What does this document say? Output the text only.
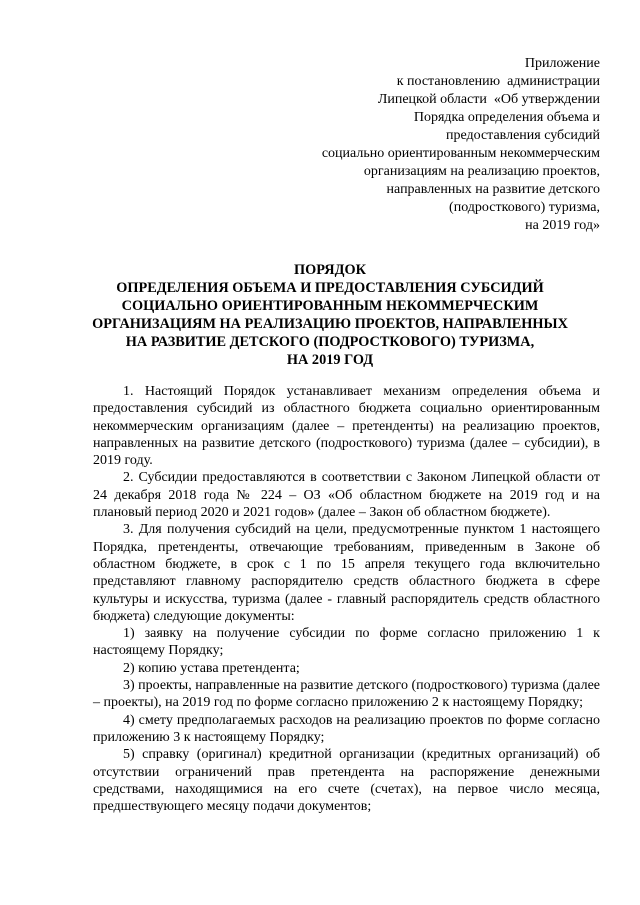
Приложение
к постановлению  администрации
Липецкой области  «Об утверждении
Порядка определения объема и
предоставления субсидий
социально ориентированным некоммерческим
организациям на реализацию проектов,
направленных на развитие детского
(подросткового) туризма,
на 2019 год»
ПОРЯДОК
ОПРЕДЕЛЕНИЯ ОБЪЕМА И ПРЕДОСТАВЛЕНИЯ СУБСИДИЙ
СОЦИАЛЬНО ОРИЕНТИРОВАННЫМ НЕКОММЕРЧЕСКИМ
ОРГАНИЗАЦИЯМ НА РЕАЛИЗАЦИЮ ПРОЕКТОВ, НАПРАВЛЕННЫХ
НА РАЗВИТИЕ ДЕТСКОГО (ПОДРОСТКОВОГО) ТУРИЗМА,
НА 2019 ГОД

1. Настоящий Порядок устанавливает механизм определения объема и предоставления субсидий из областного бюджета социально ориентированным некоммерческим организациям (далее – претенденты) на реализацию проектов, направленных на развитие детского (подросткового) туризма (далее – субсидии), в 2019 году.

2. Субсидии предоставляются в соответствии с Законом Липецкой области от 24 декабря 2018 года № 224 – ОЗ «Об областном бюджете на 2019 год и на плановый период 2020 и 2021 годов» (далее – Закон об областном бюджете).

3. Для получения субсидий на цели, предусмотренные пунктом 1 настоящего Порядка, претенденты, отвечающие требованиям, приведенным в Законе об областном бюджете, в срок с 1 по 15 апреля текущего года включительно представляют главному распорядителю средств областного бюджета в сфере культуры и искусства, туризма (далее - главный распорядитель средств областного бюджета) следующие документы:

1) заявку на получение субсидии по форме согласно приложению 1 к настоящему Порядку;

2) копию устава претендента;

3) проекты, направленные на развитие детского (подросткового) туризма (далее – проекты), на 2019 год по форме согласно приложению 2 к настоящему Порядку;

4) смету предполагаемых расходов на реализацию проектов по форме согласно приложению 3 к настоящему Порядку;

5) справку (оригинал) кредитной организации (кредитных организаций) об отсутствии ограничений прав претендента на распоряжение денежными средствами, находящимися на его счете (счетах), на первое число месяца, предшествующего месяцу подачи документов;
